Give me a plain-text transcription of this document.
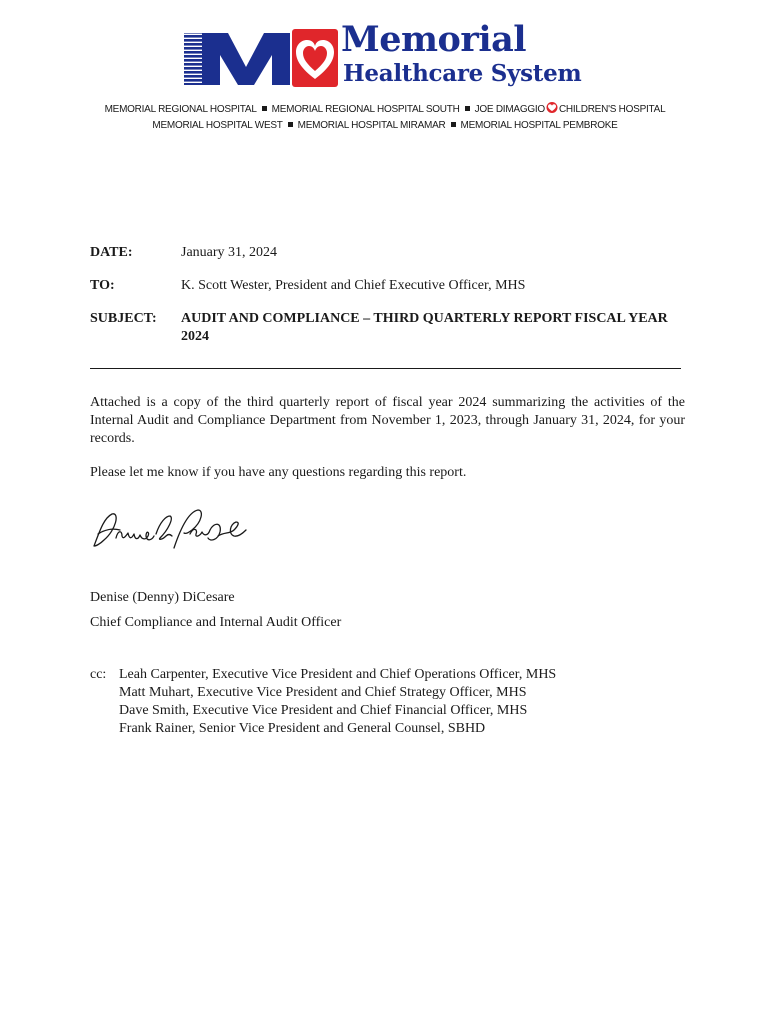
Memorial
Healthcare System
MEMORIAL REGIONAL HOSPITAL MEMORIAL REGIONAL HOSPITAL SOUTH JOE DIMAGGIO CHILDREN'S HOSPITAL
MEMORIAL HOSPITAL WEST MEMORIAL HOSPITAL MIRAMAR MEMORIAL HOSPITAL PEMBROKE
DATE:	January 31, 2024
TO:	K. Scott Wester, President and Chief Executive Officer, MHS
SUBJECT: AUDIT AND COMPLIANCE – THIRD QUARTERLY REPORT FISCAL YEAR 2024
Attached is a copy of the third quarterly report of fiscal year 2024 summarizing the activities of the Internal Audit and Compliance Department from November 1, 2023, through January 31, 2024, for your records.
Please let me know if you have any questions regarding this report.
Denise (Denny) DiCesare
Chief Compliance and Internal Audit Officer
cc: Leah Carpenter, Executive Vice President and Chief Operations Officer, MHS
Matt Muhart, Executive Vice President and Chief Strategy Officer, MHS
Dave Smith, Executive Vice President and Chief Financial Officer, MHS
Frank Rainer, Senior Vice President and General Counsel, SBHD
